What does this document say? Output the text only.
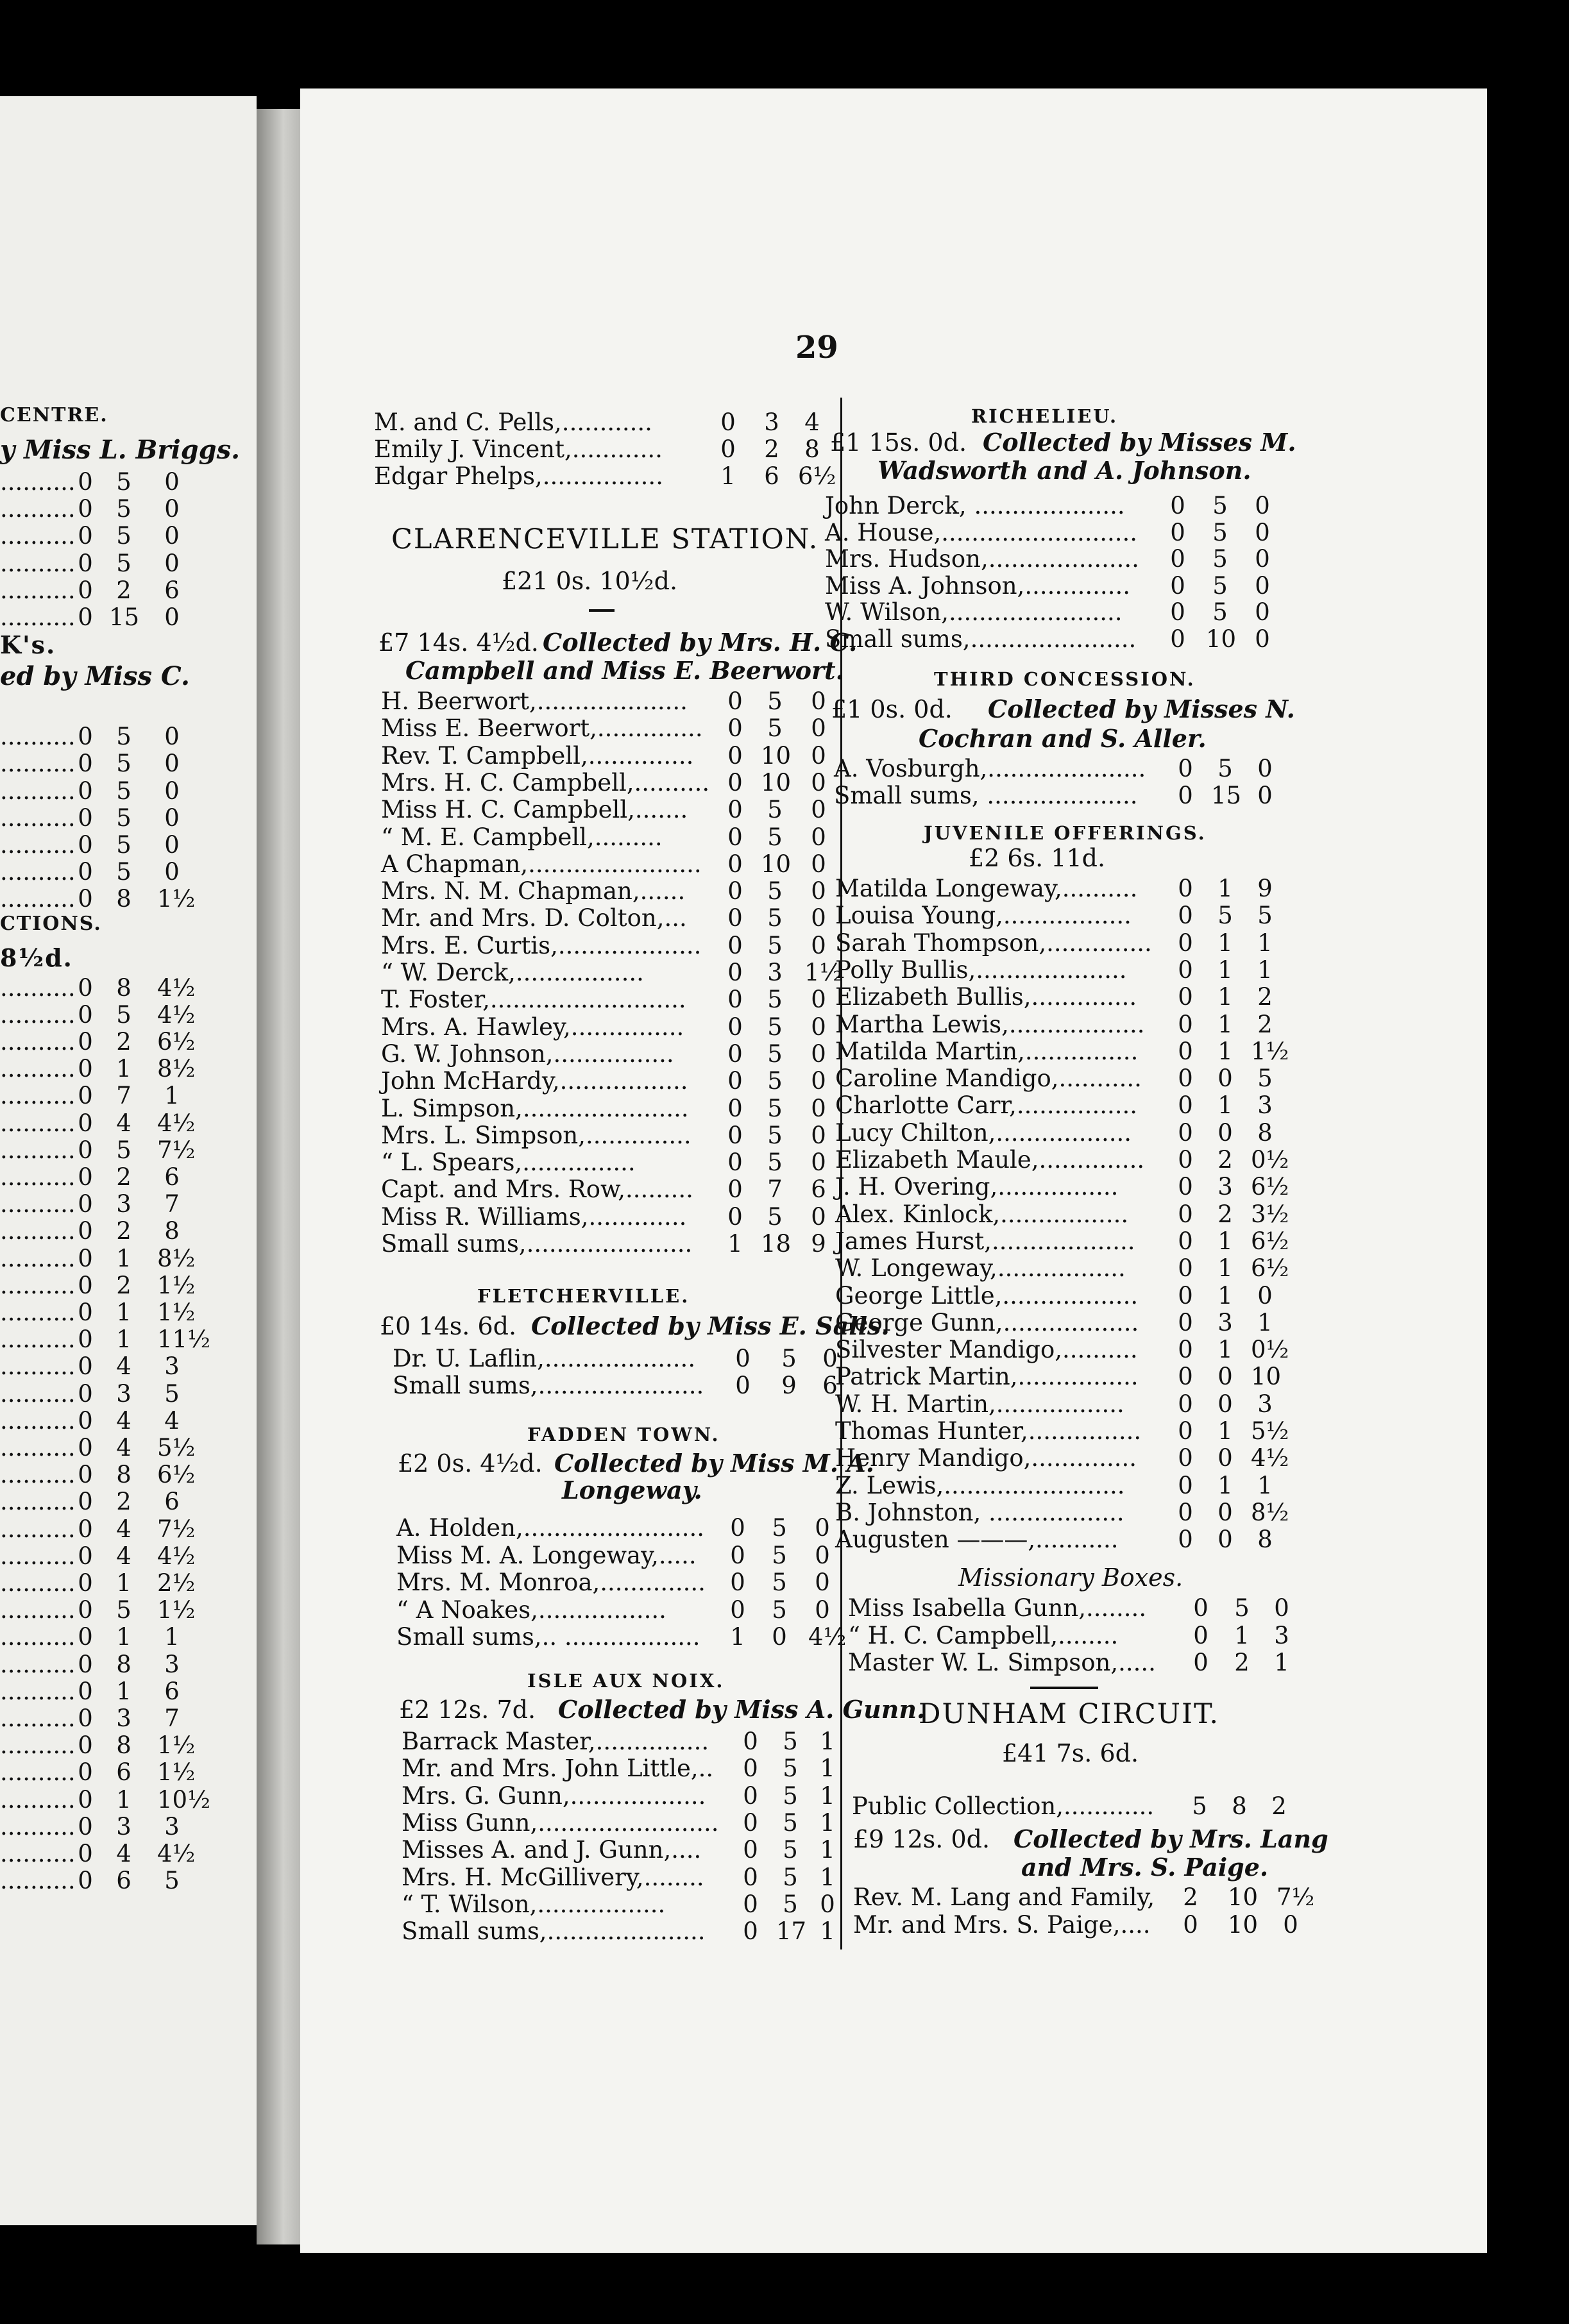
CENTRE.
y Miss L. Briggs.
.......... 0 5	0
.......... 0 5	0
.......... 0 5	0
.......... 0 5	0
.......... 0 2	6
.......... 0 15	0
K's.
ed by Miss C.
.......... 0 5	0
.......... 0 5	0
.......... 0 5	0
.......... 0 5	0
.......... 0 5	0
.......... 0 5	0
.......... 0 8	1½
CTIONS.
8½d.
.......... 0 8	4½
.......... 0 5	4½
.......... 0 2	6½
.......... 0 1	8½
.......... 0 7	1
.......... 0 4	4½
.......... 0 5	7½
.......... 0 2	6
.......... 0 3	7
.......... 0 2	8
.......... 0 1	8½
.......... 0 2	1½
.......... 0 1	1½
.......... 0 1	11½
.......... 0 4	3
.......... 0 3	5
.......... 0 4	4
.......... 0 4	5½
.......... 0 8	6½
.......... 0 2	6
.......... 0 4	7½
.......... 0 4	4½
.......... 0 1	2½
.......... 0 5	1½
.......... 0 1	1
.......... 0 8	3
.......... 0 1	6
.......... 0 3	7
.......... 0 8	1½
.......... 0 6	1½
.......... 0 1	10½
.......... 0 3	3
.......... 0 4	4½
.......... 0 6	5
29
M. and C. Pells,............	0 3 4
Emily J. Vincent,............ 0 2 8
Edgar Phelps,................ 1 6 6½
CLARENCEVILLE STATION.
£21 0s. 10½d.
£7 14s. 4½d. Collected by Mrs. H. C.
Campbell and Miss E. Beerwort.
H. Beerwort,.................... 0 5 0
Miss E. Beerwort,.............. 0 5 0
Rev. T. Campbell,.............. 0 10 0
Mrs. H. C. Campbell,.......... 0 10 0
Miss H. C. Campbell,....... 0 5 0
“ M. E. Campbell,.........	0 5 0
A Chapman,....................... 0 10 0
Mrs. N. M. Chapman,...... 0 5 0
Mr. and Mrs. D. Colton,... 0 5 0
Mrs. E. Curtis,................... 0 5 0
“ W. Derck,.................	0 3 1½
T. Foster,.......................... 0 5 0
Mrs. A. Hawley,............... 0 5 0
G. W. Johnson,................ 0 5 0
John McHardy,................. 0 5 0
L. Simpson,...................... 0 5 0
Mrs. L. Simpson,.............. 0 5 0
“ L. Spears,...............	0 5 0
Capt. and Mrs. Row,......... 0 7 6
Miss R. Williams,............. 0 5 0
Small sums,...................... 1 18 9
FLETCHERVILLE.
£0 14s. 6d. Collected by Miss E. Salls.
Dr. U. Laflin,.................... 0 5 0
Small sums,...................... 0 9 6
FADDEN TOWN.
£2 0s. 4½d. Collected by Miss M. A.
Longeway.
A. Holden,........................ 0 5 0
Miss M. A. Longeway,..... 0 5 0
Mrs. M. Monroa,.............. 0 5 0
“ A Noakes,.................	0 5 0
Small sums,.. .................. 1 0 4½
ISLE AUX NOIX.
£2 12s. 7d. Collected by Miss A. Gunn.
Barrack Master,............... 0 5 1
Mr. and Mrs. John Little,.. 0 5 1
Mrs. G. Gunn,.................. 0 5 1
Miss Gunn,........................ 0 5 1
Misses A. and J. Gunn,.... 0 5 1
Mrs. H. McGillivery,........ 0 5 1
“ T. Wilson,.................	0 5 0
Small sums,..................... 0 17 1
RICHELIEU.
£1 15s. 0d. Collected by Misses M.
Wadsworth and A. Johnson.
John Derck, .................... 0 5 0
A. House,.......................... 0 5 0
Mrs. Hudson,.................... 0 5 0
Miss A. Johnson,.............. 0 5 0
W. Wilson,....................... 0 5 0
Small sums,...................... 0 10 0
THIRD CONCESSION.
£1 0s. 0d. Collected by Misses N.
Cochran and S. Aller.
A. Vosburgh,..................... 0 5 0
Small sums, .................... 0 15 0
JUVENILE OFFERINGS.
£2 6s. 11d.
Matilda Longeway,.......... 0 1 9
Louisa Young,................. 0 5 5
Sarah Thompson,.............. 0 1 1
Polly Bullis,.................... 0 1 1
Elizabeth Bullis,.............. 0 1 2
Martha Lewis,.................. 0 1 2
Matilda Martin,............... 0 1 1½
Caroline Mandigo,........... 0 0 5
Charlotte Carr,................ 0 1 3
Lucy Chilton,.................. 0 0 8
Elizabeth Maule,.............. 0 2 0½
J. H. Overing,................	0 3 6½
Alex. Kinlock,................. 0 2 3½
James Hurst,................... 0 1 6½
W. Longeway,................. 0 1 6½
George Little,.................. 0 1 0
George Gunn,.................. 0 3 1
Silvester Mandigo,.......... 0 1 0½
Patrick Martin,................ 0 0 10
W. H. Martin,................. 0 0 3
Thomas Hunter,............... 0 1 5½
Henry Mandigo,.............. 0 0 4½
Z. Lewis,........................ 0 1 1
B. Johnston, .................. 0 0 8½
Augusten ———,...........	0 0 8
Missionary Boxes.
Miss Isabella Gunn,........ 0 5 0
“ H. C. Campbell,........	0 1 3
Master W. L. Simpson,..... 0 2 1
DUNHAM CIRCUIT.
£41 7s. 6d.
Public Collection,............ 5 8 2
£9 12s. 0d. Collected by Mrs. Lang
and Mrs. S. Paige.
Rev. M. Lang and Family, 2 10 7½
Mr. and Mrs. S. Paige,.... 0 10 0
